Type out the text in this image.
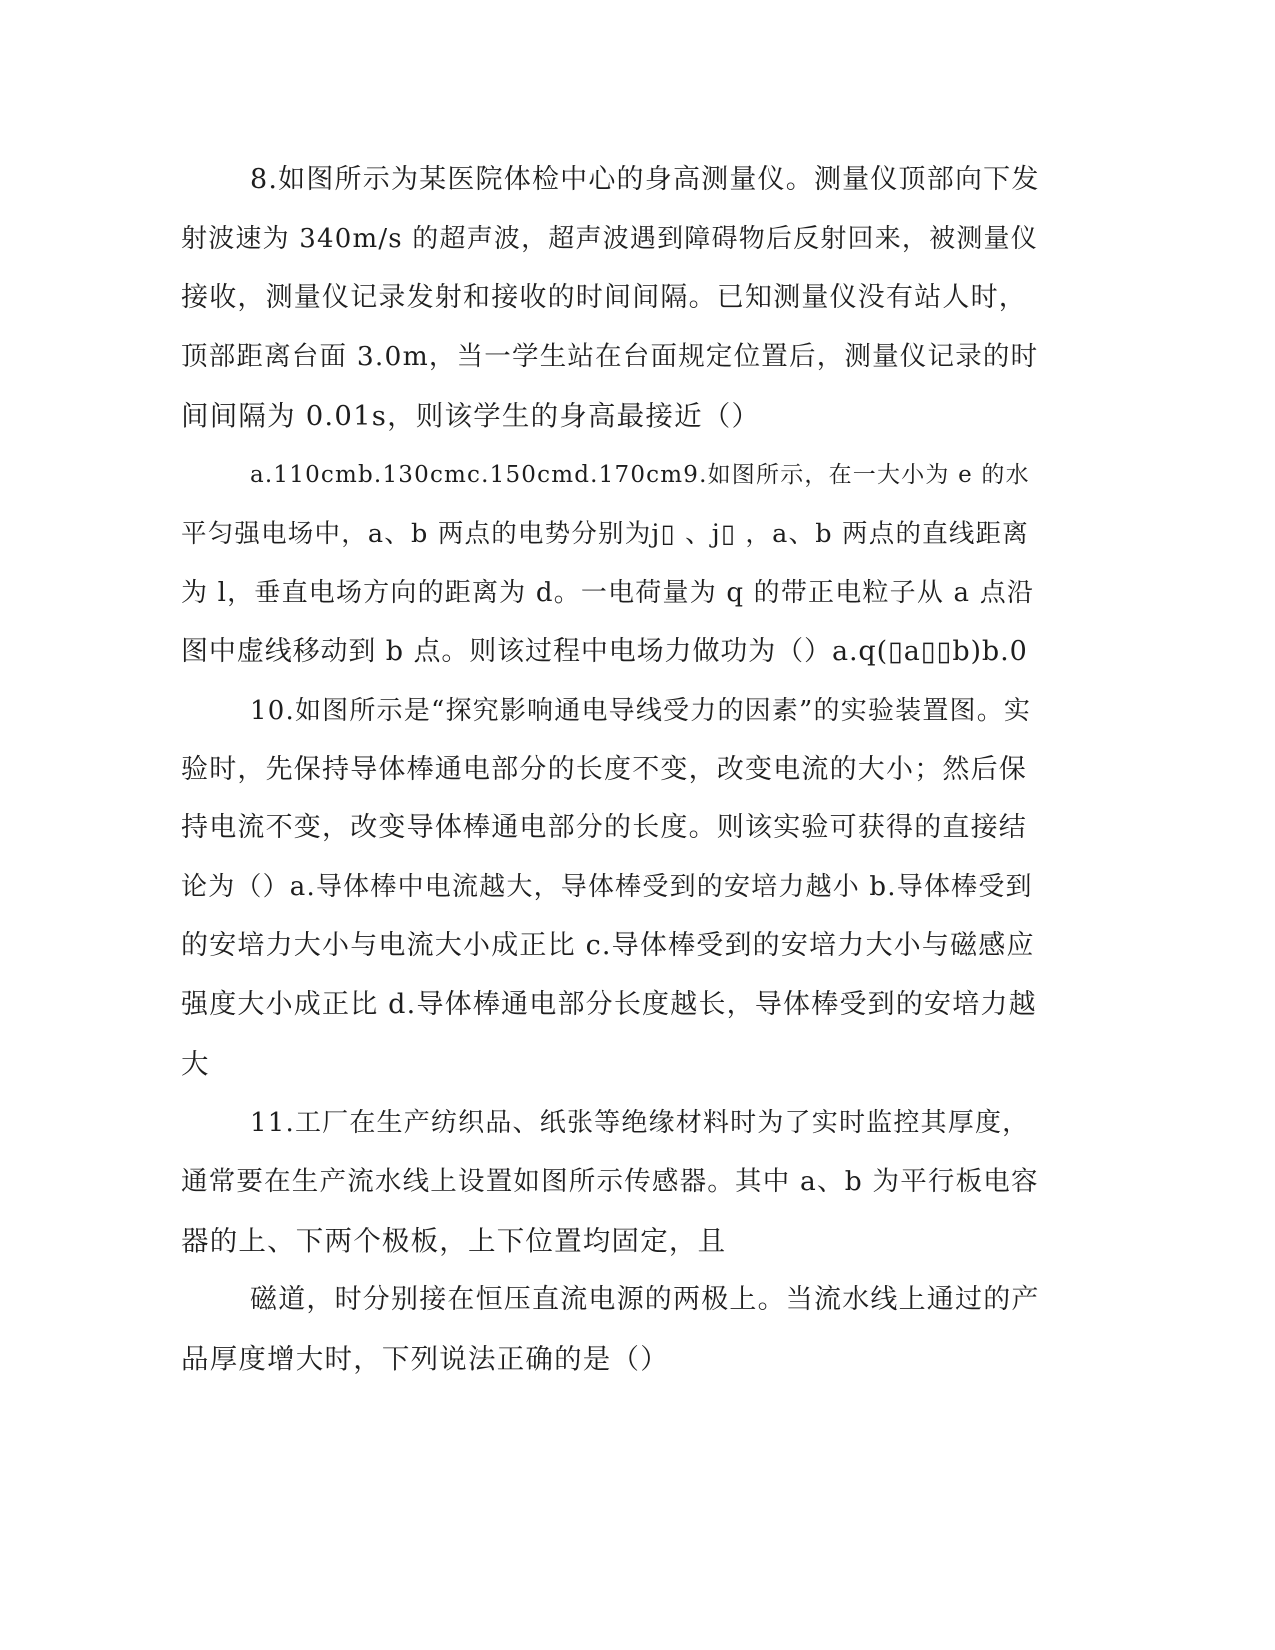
8.如图所示为某医院体检中心的身高测量仪。测量仪顶部向下发

射波速为 340m/s 的超声波，超声波遇到障碍物后反射回来，被测量仪

接收，测量仪记录发射和接收的时间间隔。已知测量仪没有站人时，

顶部距离台面 3.0m，当一学生站在台面规定位置后，测量仪记录的时

间间隔为 0.01s，则该学生的身高最接近（）

a.110cmb.130cmc.150cmd.170cm9.如图所示，在一大小为 e 的水

平匀强电场中，a、b 两点的电势分别为j▯ 、j▯ ，a、b 两点的直线距离

为 l，垂直电场方向的距离为 d。一电荷量为 q 的带正电粒子从 a 点沿

图中虚线移动到 b 点。则该过程中电场力做功为（）a.q(▯a▯▯b)b.0

10.如图所示是“探究影响通电导线受力的因素”的实验装置图。实

验时，先保持导体棒通电部分的长度不变，改变电流的大小；然后保

持电流不变，改变导体棒通电部分的长度。则该实验可获得的直接结

论为（）a.导体棒中电流越大，导体棒受到的安培力越小 b.导体棒受到

的安培力大小与电流大小成正比 c.导体棒受到的安培力大小与磁感应

强度大小成正比 d.导体棒通电部分长度越长，导体棒受到的安培力越

大

11.工厂在生产纺织品、纸张等绝缘材料时为了实时监控其厚度，

通常要在生产流水线上设置如图所示传感器。其中 a、b 为平行板电容

器的上、下两个极板，上下位置均固定，且

磁道，时分别接在恒压直流电源的两极上。当流水线上通过的产

品厚度增大时，下列说法正确的是（）
